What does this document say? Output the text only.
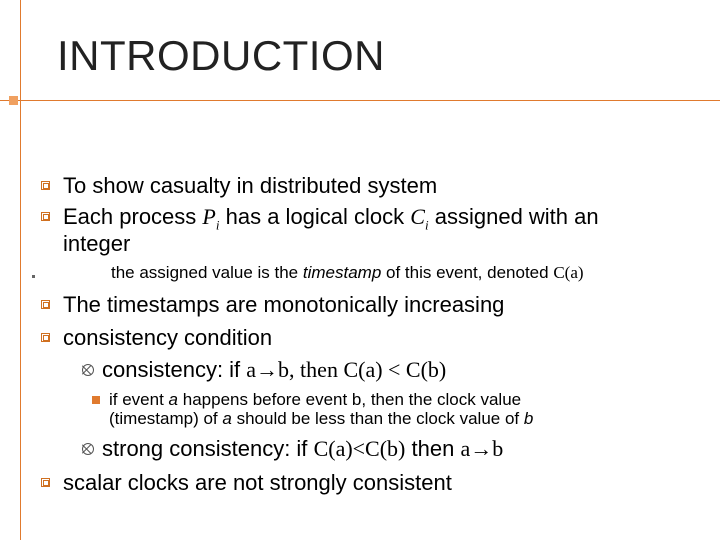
INTRODUCTION
To show casualty in distributed system
Each process $P_i$ has a logical clock $C_i$ assigned with an
integer
the assigned value is the timestamp of this event, denoted C(a)
The timestamps are monotonically increasing
consistency condition
consistency: if a→b, then C(a) < C(b)
if event a happens before event b, then the clock value
(timestamp) of a should be less than the clock value of b
strong consistency: if C(a)<C(b) then a→b
scalar clocks are not strongly consistent
